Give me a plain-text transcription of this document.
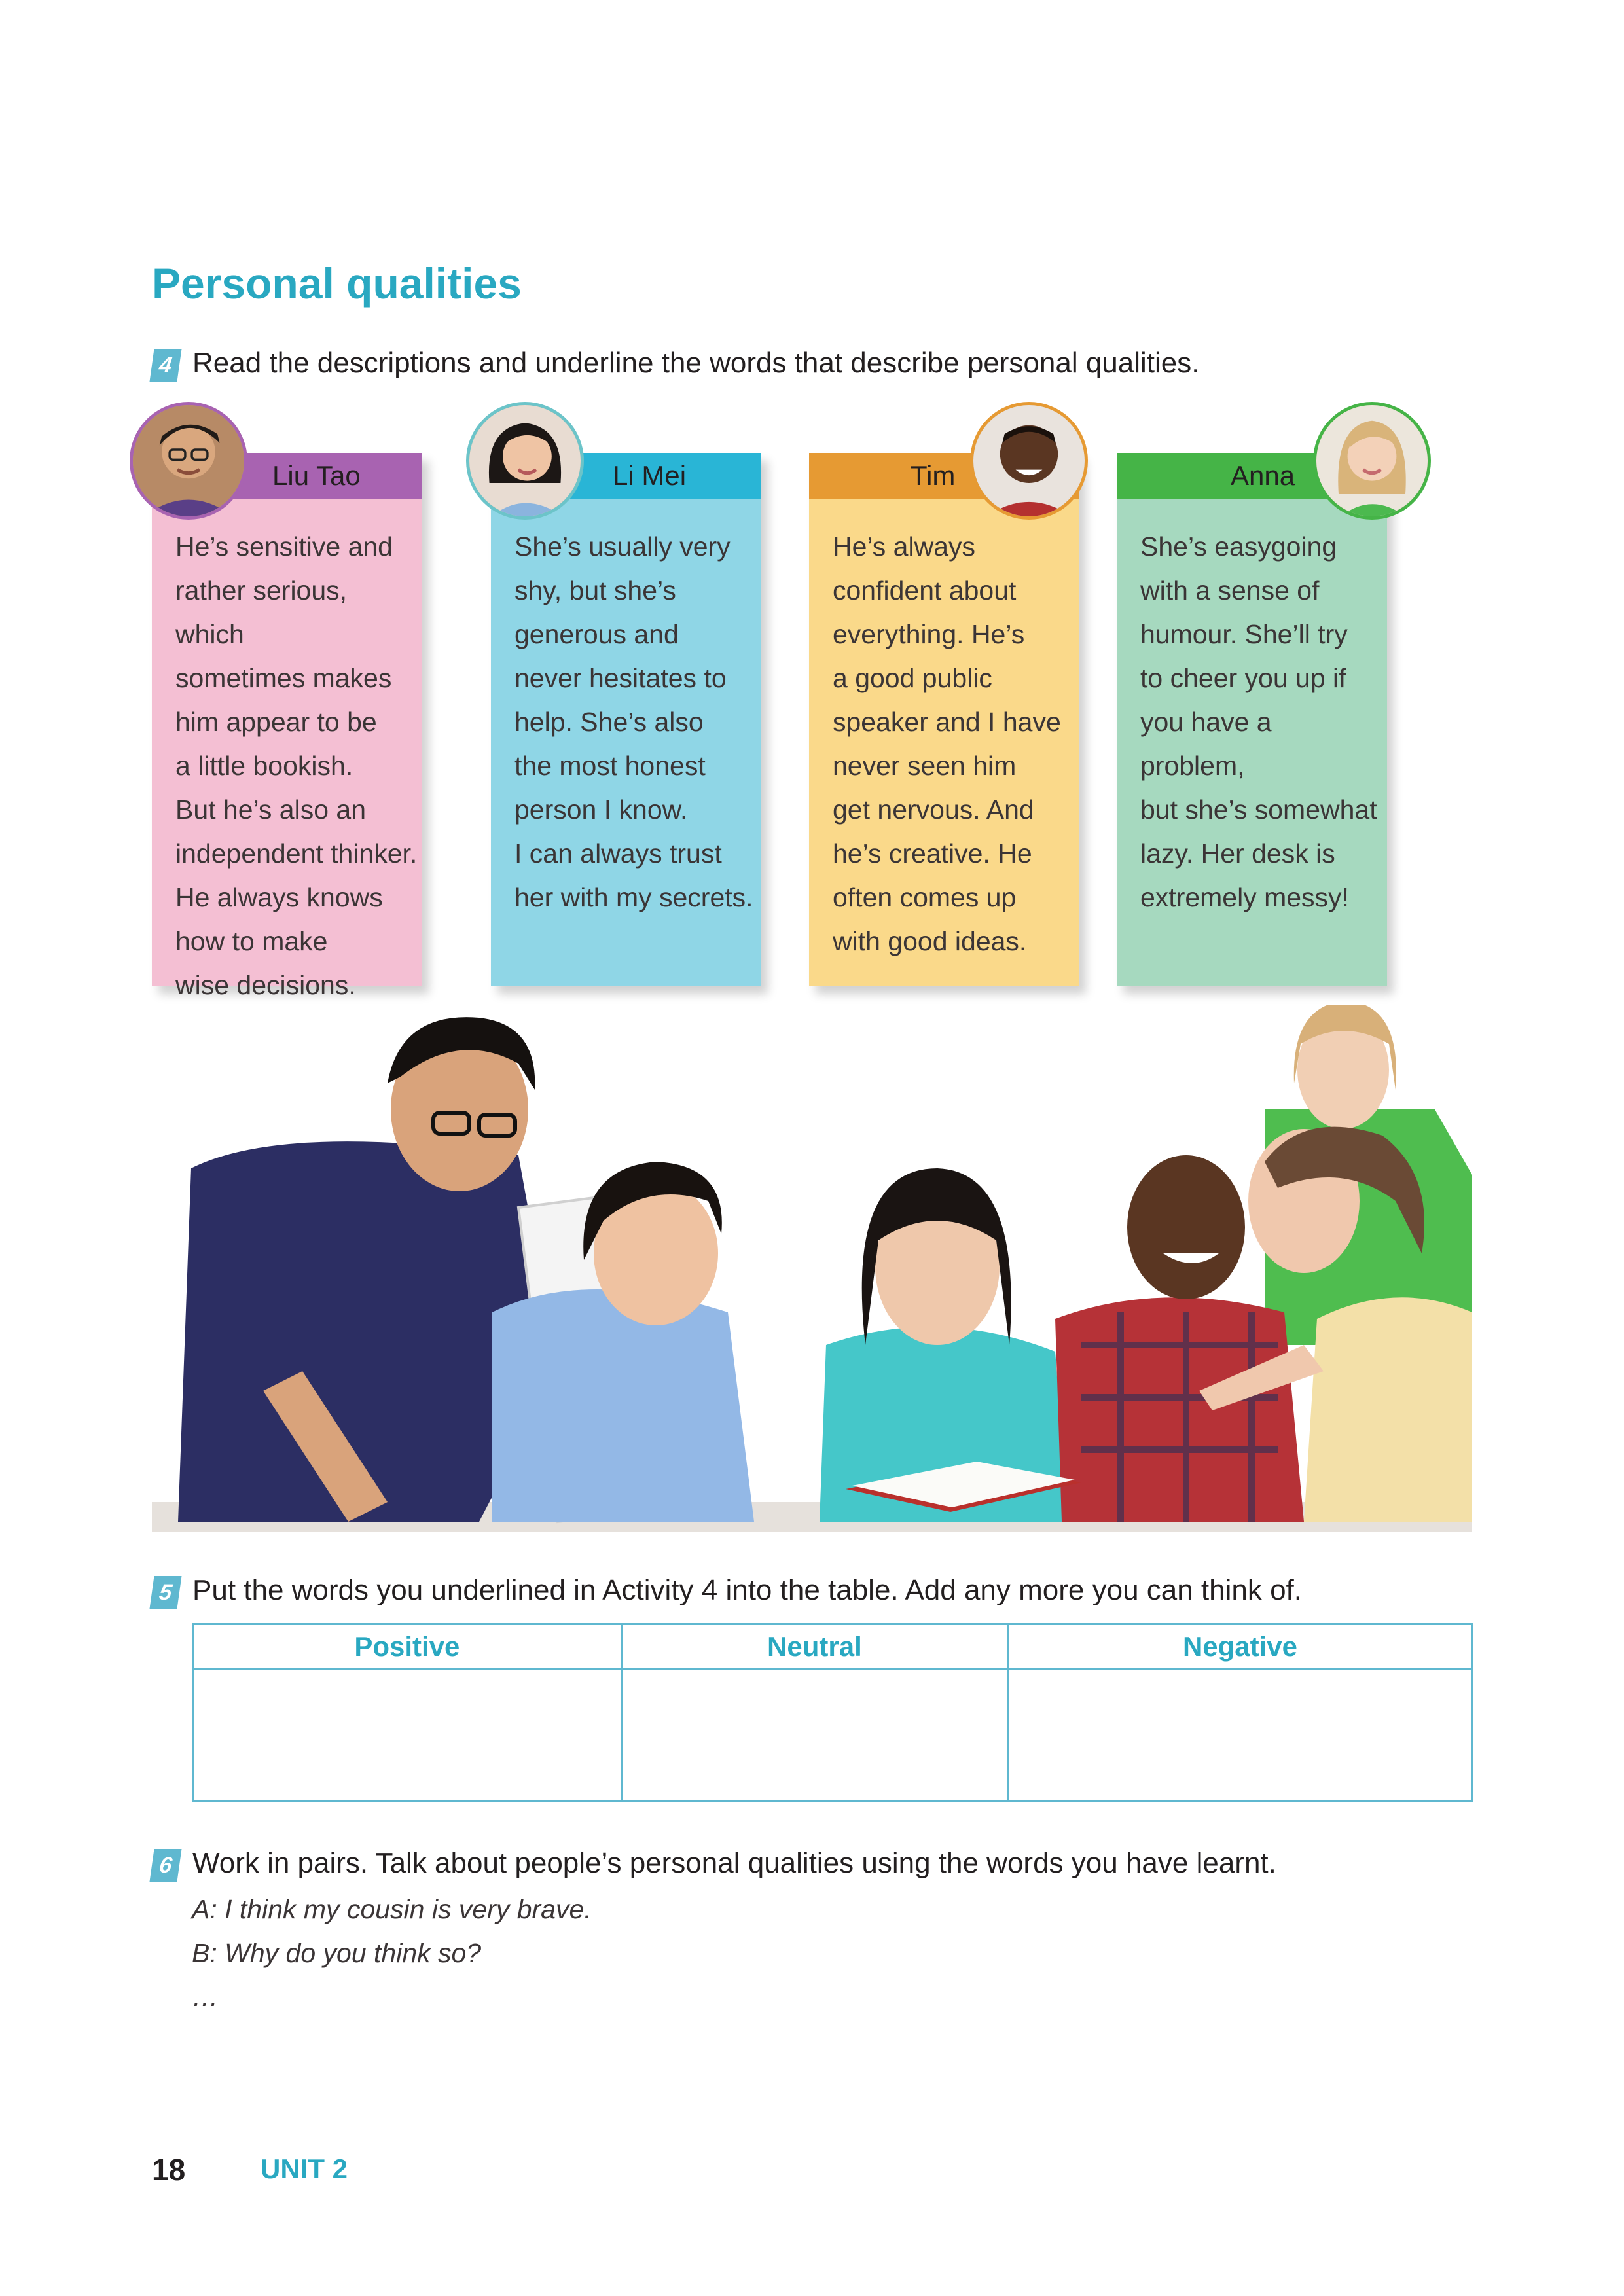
Personal qualities
4 Read the descriptions and underline the words that describe personal qualities.
Liu Tao

He’s sensitive and

rather serious, which

sometimes makes

him appear to be

a little bookish.

But he’s also an

independent thinker.

He always knows

how to make

wise decisions.

Li Mei

She’s usually very

shy, but she’s

generous and

never hesitates to

help. She’s also

the most honest

person I know.

I can always trust

her with my secrets.

Tim

He’s always

confident about

everything. He’s

a good public

speaker and I have

never seen him

get nervous. And

he’s creative. He

often comes up

with good ideas.

Anna

She’s easygoing

with a sense of

humour. She’ll try

to cheer you up if

you have a problem,

but she’s somewhat

lazy. Her desk is

extremely messy!

5 Put the words you underlined in Activity 4 into the table. Add any more you can think of.
Positive	Neutral	Negative

6 Work in pairs. Talk about people’s personal qualities using the words you have learnt.
A: I think my cousin is very brave.
B: Why do you think so?
…
18	UNIT 2
